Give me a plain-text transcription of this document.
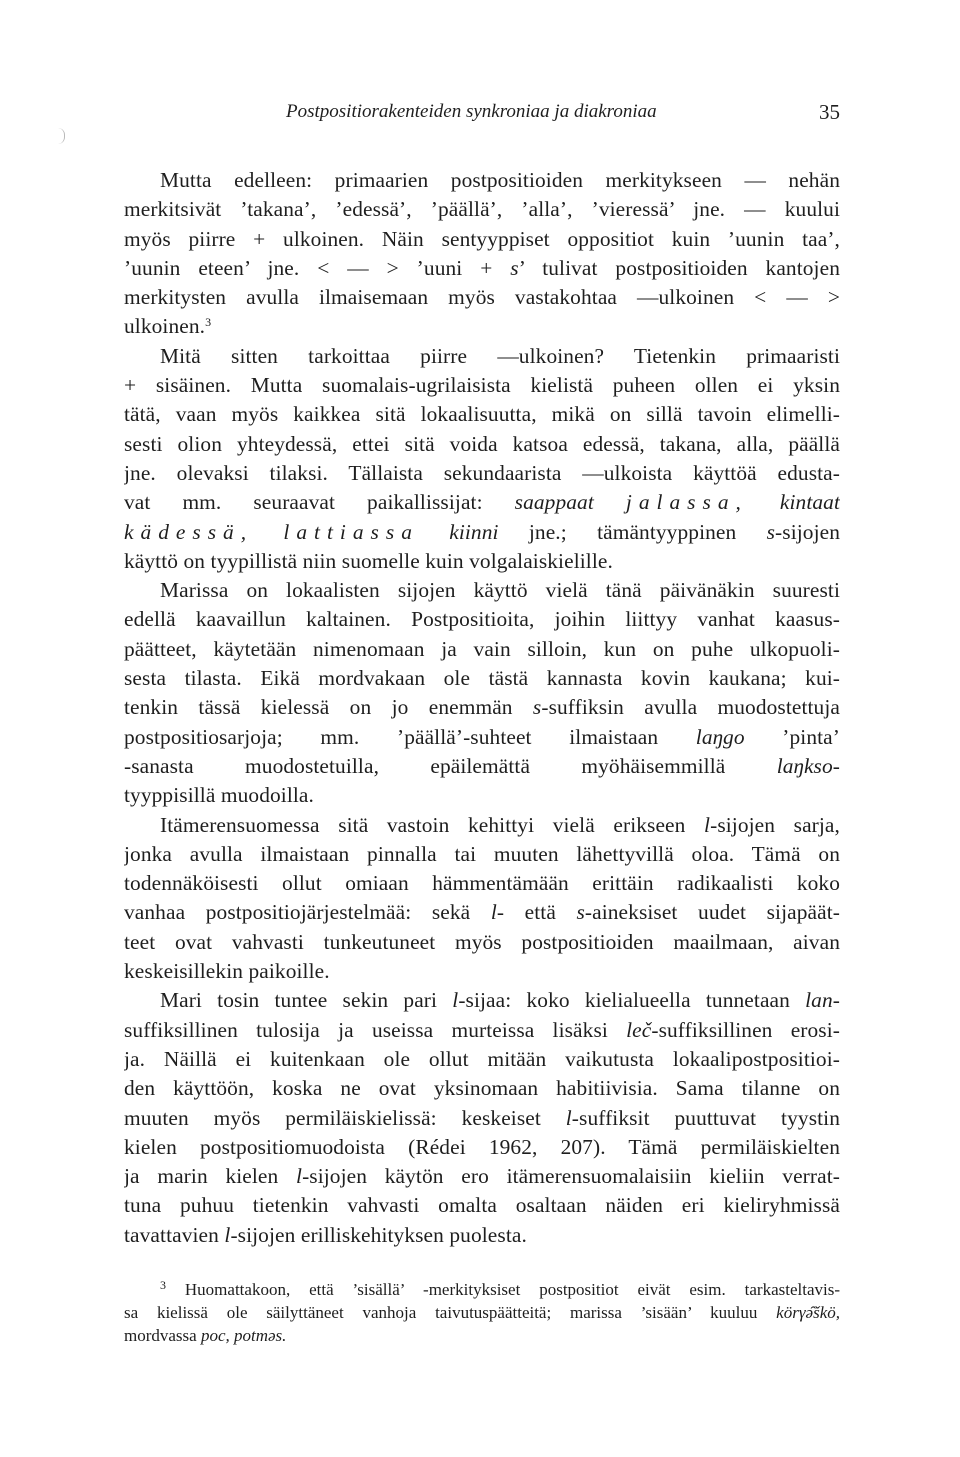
Postpositiorakenteiden synkroniaa ja diakroniaa	35
Mutta edelleen: primaarien postpositioiden merkitykseen — nehän
merkitsivät ’takana’, ’edessä’, ’päällä’, ’alla’, ’vieressä’ jne. — kuului
myös piirre + ulkoinen. Näin sentyyppiset oppositiot kuin ’uunin taa’,
’uunin eteen’ jne. < — > ’uuni + s’ tulivat postpositioiden kantojen
merkitysten avulla ilmaisemaan myös vastakohtaa —ulkoinen < — >
ulkoinen.$^3$
Mitä sitten tarkoittaa piirre —ulkoinen? Tietenkin primaaristi
+ sisäinen. Mutta suomalais-ugrilaisista kielistä puheen ollen ei yksin
tätä, vaan myös kaikkea sitä lokaalisuutta, mikä on sillä tavoin elimelli-
sesti olion yhteydessä, ettei sitä voida katsoa edessä, takana, alla, päällä
jne. olevaksi tilaksi. Tällaista sekundaarista —ulkoista käyttöä edusta-
vat mm. seuraavat paikallissijat: saappaat jalassa, kintaat
kädessä, lattiassa kiinni jne.; tämäntyyppinen s-sijojen
käyttö on tyypillistä niin suomelle kuin volgalaiskielille.
Marissa on lokaalisten sijojen käyttö vielä tänä päivänäkin suuresti
edellä kaavaillun kaltainen. Postpositioita, joihin liittyy vanhat kaasus-
päätteet, käytetään nimenomaan ja vain silloin, kun on puhe ulkopuoli-
sesta tilasta. Eikä mordvakaan ole tästä kannasta kovin kaukana; kui-
tenkin tässä kielessä on jo enemmän s-suffiksin avulla muodostettuja
postpositiosarjoja; mm. ’päällä’-suhteet ilmaistaan laŋgo ’pinta’
-sanasta muodostetuilla, epäilemättä myöhäisemmillä laŋkso-
tyyppisillä muodoilla.
Itämerensuomessa sitä vastoin kehittyi vielä erikseen l-sijojen sarja,
jonka avulla ilmaistaan pinnalla tai muuten lähettyvillä oloa. Tämä on
todennäköisesti ollut omiaan hämmentämään erittäin radikaalisti koko
vanhaa postpositiojärjestelmää: sekä l- että s-aineksiset uudet sijapäät-
teet ovat vahvasti tunkeutuneet myös postpositioiden maailmaan, aivan
keskeisillekin paikoille.
Mari tosin tuntee sekin pari l-sijaa: koko kielialueella tunnetaan lan-
suffiksillinen tulosija ja useissa murteissa lisäksi leč-suffiksillinen erosi-
ja. Näillä ei kuitenkaan ole ollut mitään vaikutusta lokaalipostpositioi-
den käyttöön, koska ne ovat yksinomaan habitiivisia. Sama tilanne on
muuten myös permiläiskielissä: keskeiset l-suffiksit puuttuvat tyystin
kielen postpositiomuodoista (Rédei 1962, 207). Tämä permiläiskielten
ja marin kielen l-sijojen käytön ero itämerensuomalaisiin kieliin verrat-
tuna puhuu tietenkin vahvasti omalta osaltaan näiden eri kieliryhmissä
tavattavien l-sijojen erilliskehityksen puolesta.
$^3$ Huomattakoon, että ’sisällä’ -merkityksiset postpositiot eivät esim. tarkasteltavis-
sa kielissä ole säilyttäneet vanhoja taivutuspäätteitä; marissa ’sisään’ kuuluu körγə̑škö,
mordvassa poc, potməs.
